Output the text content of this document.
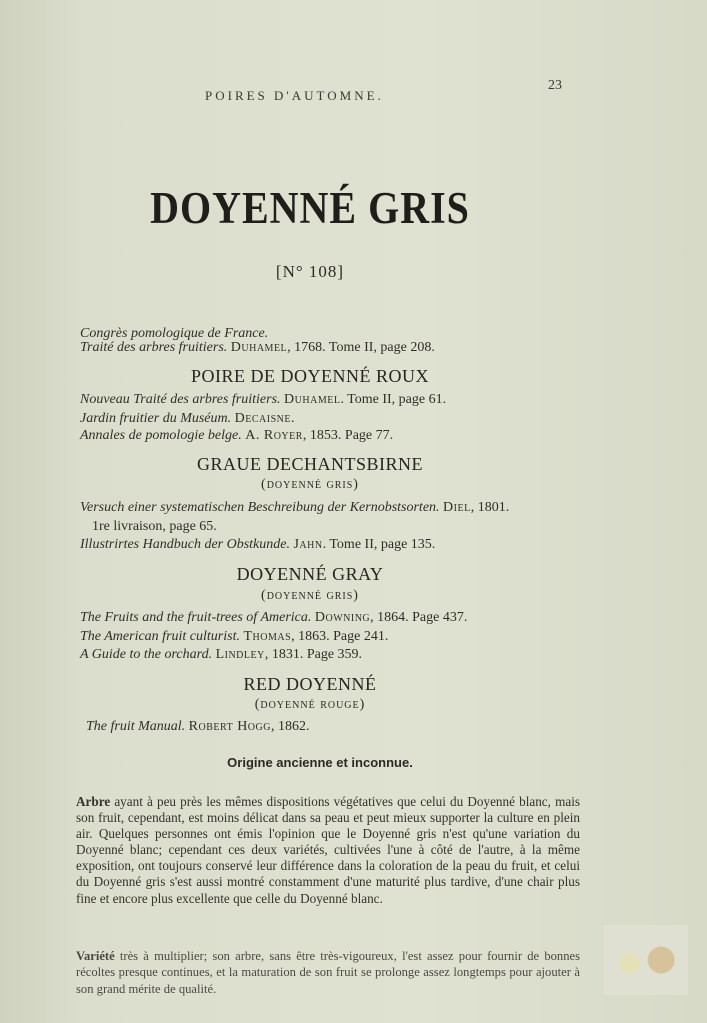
POIRES D'AUTOMNE.
23
DOYENNÉ GRIS
[N° 108]
Congrès pomologique de France.
Traité des arbres fruitiers. Duhamel, 1768. Tome II, page 208.
POIRE DE DOYENNÉ ROUX
Nouveau Traité des arbres fruitiers. Duhamel. Tome II, page 61.
Jardin fruitier du Muséum. Decaisne.
Annales de pomologie belge. A. Royer, 1853. Page 77.
GRAUE DECHANTSBIRNE
(doyenné gris)
Versuch einer systematischen Beschreibung der Kernobstsorten. Diel, 1801.
1re livraison, page 65.
Illustrirtes Handbuch der Obstkunde. Jahn. Tome II, page 135.
DOYENNÉ GRAY
(doyenné gris)
The Fruits and the fruit-trees of America. Downing, 1864. Page 437.
The American fruit culturist. Thomas, 1863. Page 241.
A Guide to the orchard. Lindley, 1831. Page 359.
RED DOYENNÉ
(doyenné rouge)
The fruit Manual. Robert Hogg, 1862.
Origine ancienne et inconnue.
Arbre ayant à peu près les mêmes dispositions végétatives que celui du Doyenné blanc, mais son fruit, cependant, est moins délicat dans sa peau et peut mieux supporter la culture en plein air. Quelques personnes ont émis l'opinion que le Doyenné gris n'est qu'une variation du Doyenné blanc; cependant ces deux variétés, cultivées l'une à côté de l'autre, à la même exposition, ont toujours conservé leur différence dans la coloration de la peau du fruit, et celui du Doyenné gris s'est aussi montré constamment d'une maturité plus tardive, d'une chair plus fine et encore plus excellente que celle du Doyenné blanc.
Variété très à multiplier; son arbre, sans être très-vigoureux, l'est assez pour fournir de bonnes récoltes presque continues, et la maturation de son fruit se prolonge assez longtemps pour ajouter à son grand mérite de qualité.
